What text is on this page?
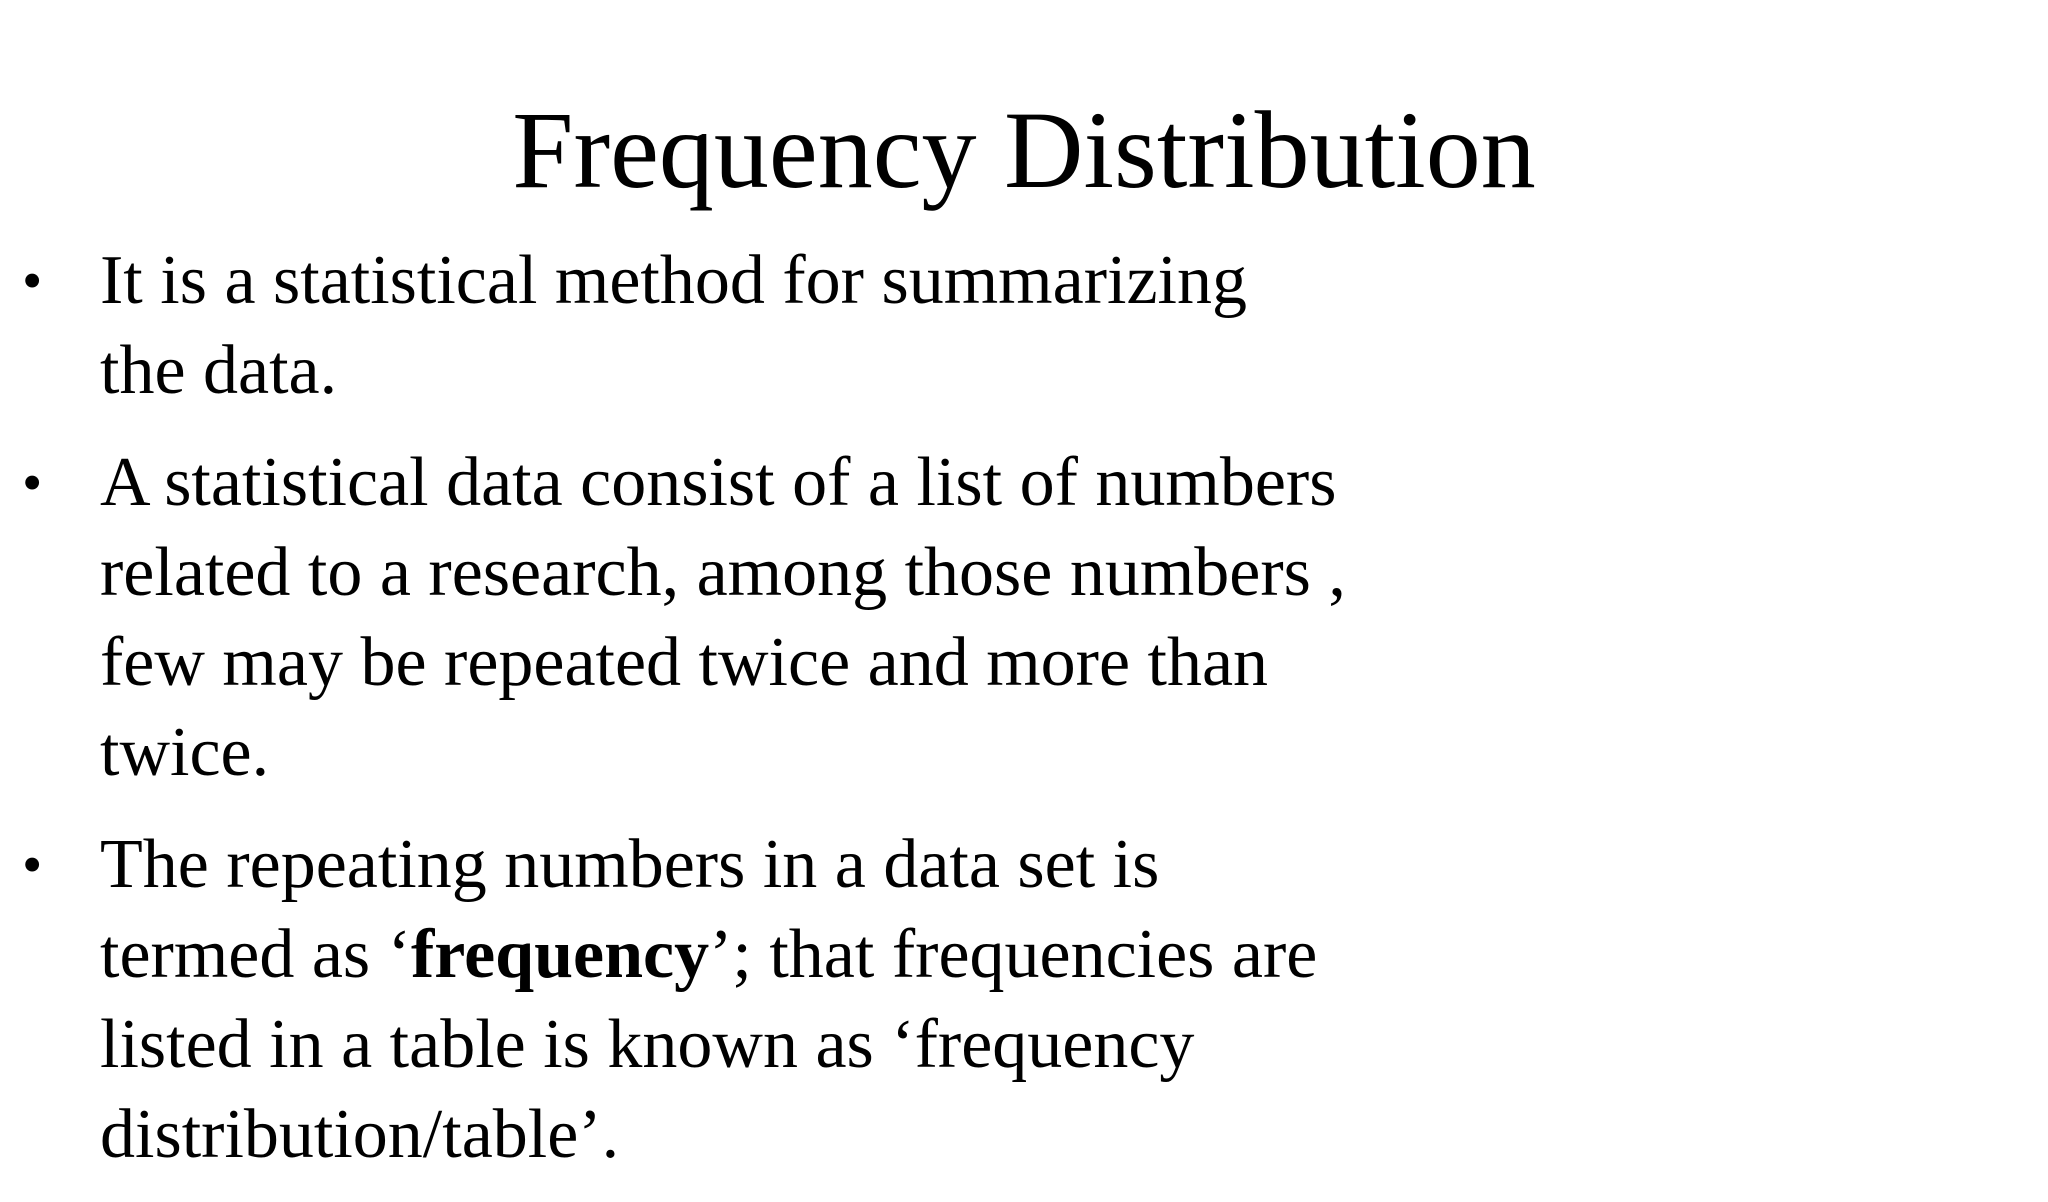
Frequency Distribution
• It is a statistical method for summarizing
the data.
• A statistical data consist of a list of numbers
related to a research, among those numbers ,
few may be repeated twice and more than
twice.
• The repeating numbers in a data set is
termed as ‘frequency’; that frequencies are
listed in a table is known as ‘frequency
distribution/table’.
